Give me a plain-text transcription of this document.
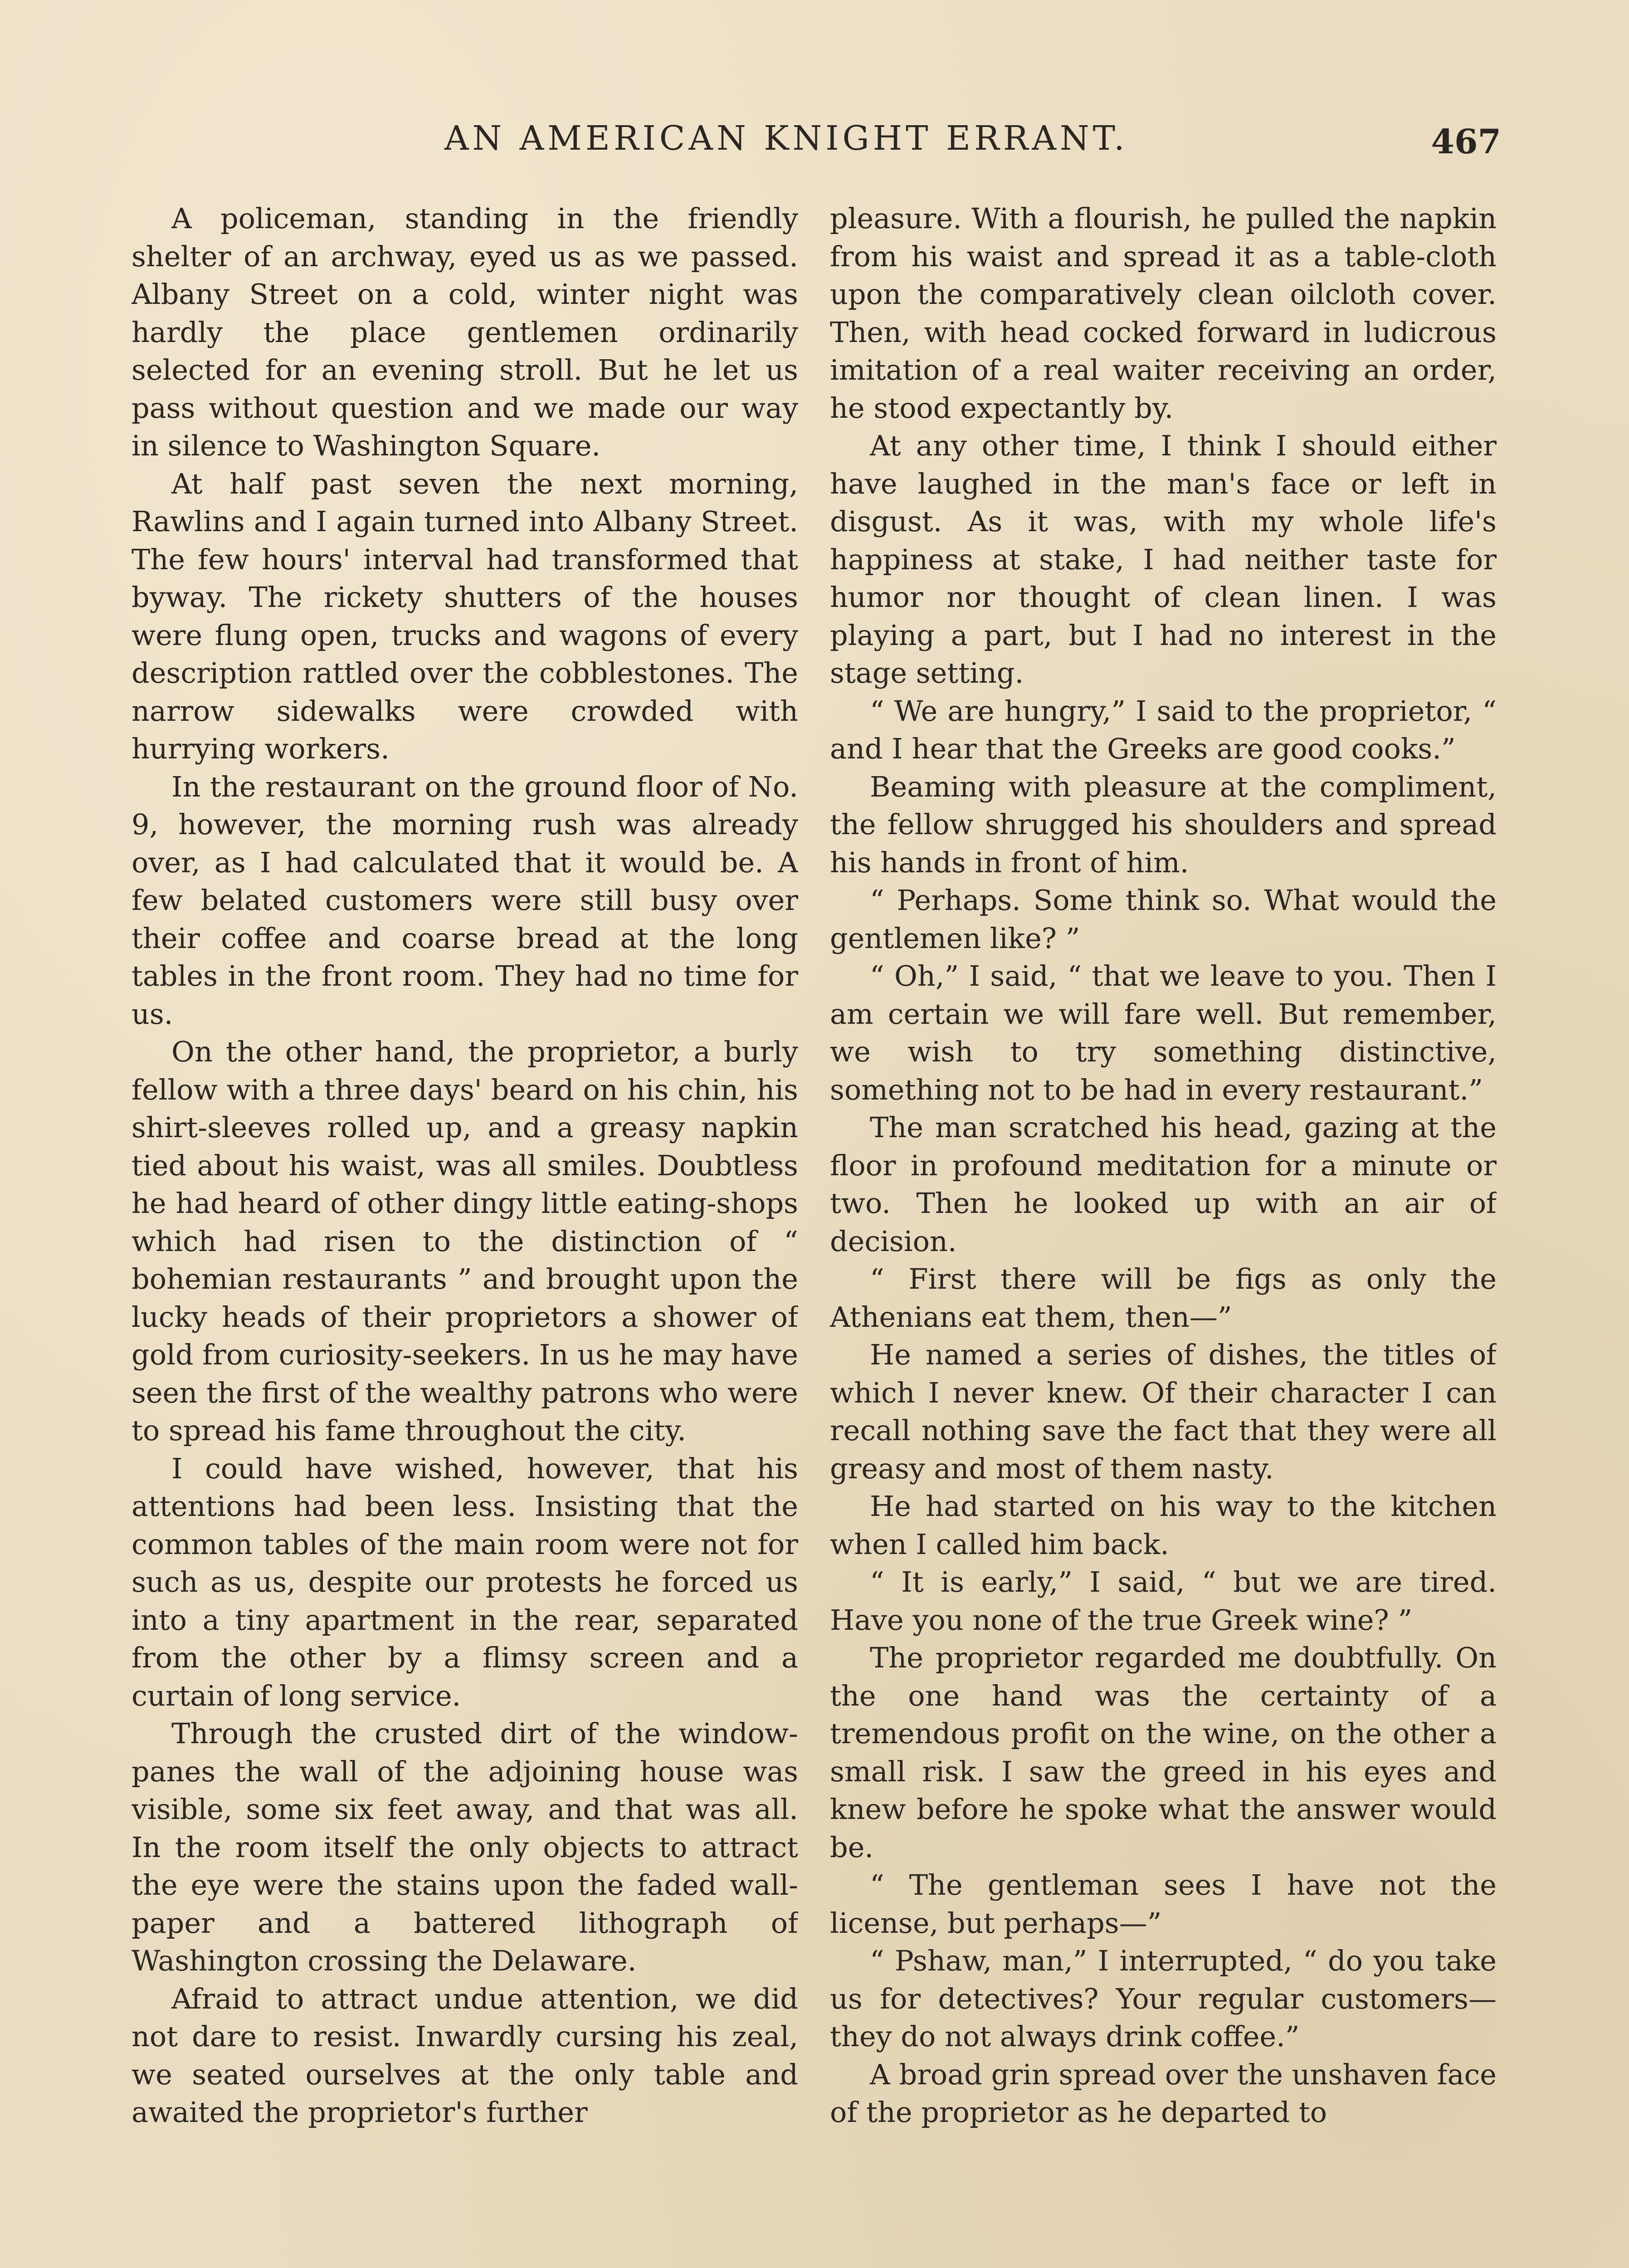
AN AMERICAN KNIGHT ERRANT.	467

A policeman, standing in the friendly shelter of an archway, eyed us as we passed. Albany Street on a cold, winter night was hardly the place gentlemen ordinarily selected for an evening stroll. But he let us pass without question and we made our way in silence to Washington Square.

At half past seven the next morning, Rawlins and I again turned into Albany Street. The few hours' interval had transformed that byway. The rickety shutters of the houses were flung open, trucks and wagons of every description rattled over the cobblestones. The narrow sidewalks were crowded with hurrying workers.

In the restaurant on the ground floor of No. 9, however, the morning rush was already over, as I had calculated that it would be. A few belated customers were still busy over their coffee and coarse bread at the long tables in the front room. They had no time for us.

On the other hand, the proprietor, a burly fellow with a three days' beard on his chin, his shirt-sleeves rolled up, and a greasy napkin tied about his waist, was all smiles. Doubtless he had heard of other dingy little eating-shops which had risen to the distinction of “ bohemian restaurants ” and brought upon the lucky heads of their proprietors a shower of gold from curiosity-seekers. In us he may have seen the first of the wealthy patrons who were to spread his fame throughout the city.

I could have wished, however, that his attentions had been less. Insisting that the common tables of the main room were not for such as us, despite our protests he forced us into a tiny apartment in the rear, separated from the other by a flimsy screen and a curtain of long service.

Through the crusted dirt of the window-panes the wall of the adjoining house was visible, some six feet away, and that was all. In the room itself the only objects to attract the eye were the stains upon the faded wall-paper and a battered lithograph of Washington crossing the Delaware.

Afraid to attract undue attention, we did not dare to resist. Inwardly cursing his zeal, we seated ourselves at the only table and awaited the proprietor's further

pleasure. With a flourish, he pulled the napkin from his waist and spread it as a table-cloth upon the comparatively clean oilcloth cover. Then, with head cocked forward in ludicrous imitation of a real waiter receiving an order, he stood expectantly by.

At any other time, I think I should either have laughed in the man's face or left in disgust. As it was, with my whole life's happiness at stake, I had neither taste for humor nor thought of clean linen. I was playing a part, but I had no interest in the stage setting.

“ We are hungry,” I said to the proprietor, “ and I hear that the Greeks are good cooks.”

Beaming with pleasure at the compliment, the fellow shrugged his shoulders and spread his hands in front of him.

“ Perhaps. Some think so. What would the gentlemen like? ”

“ Oh,” I said, “ that we leave to you. Then I am certain we will fare well. But remember, we wish to try something distinctive, something not to be had in every restaurant.”

The man scratched his head, gazing at the floor in profound meditation for a minute or two. Then he looked up with an air of decision.

“ First there will be figs as only the Athenians eat them, then—”

He named a series of dishes, the titles of which I never knew. Of their character I can recall nothing save the fact that they were all greasy and most of them nasty.

He had started on his way to the kitchen when I called him back.

“ It is early,” I said, “ but we are tired. Have you none of the true Greek wine? ”

The proprietor regarded me doubtfully. On the one hand was the certainty of a tremendous profit on the wine, on the other a small risk. I saw the greed in his eyes and knew before he spoke what the answer would be.

“ The gentleman sees I have not the license, but perhaps—”

“ Pshaw, man,” I interrupted, “ do you take us for detectives? Your regular customers—they do not always drink coffee.”

A broad grin spread over the unshaven face of the proprietor as he departed to
